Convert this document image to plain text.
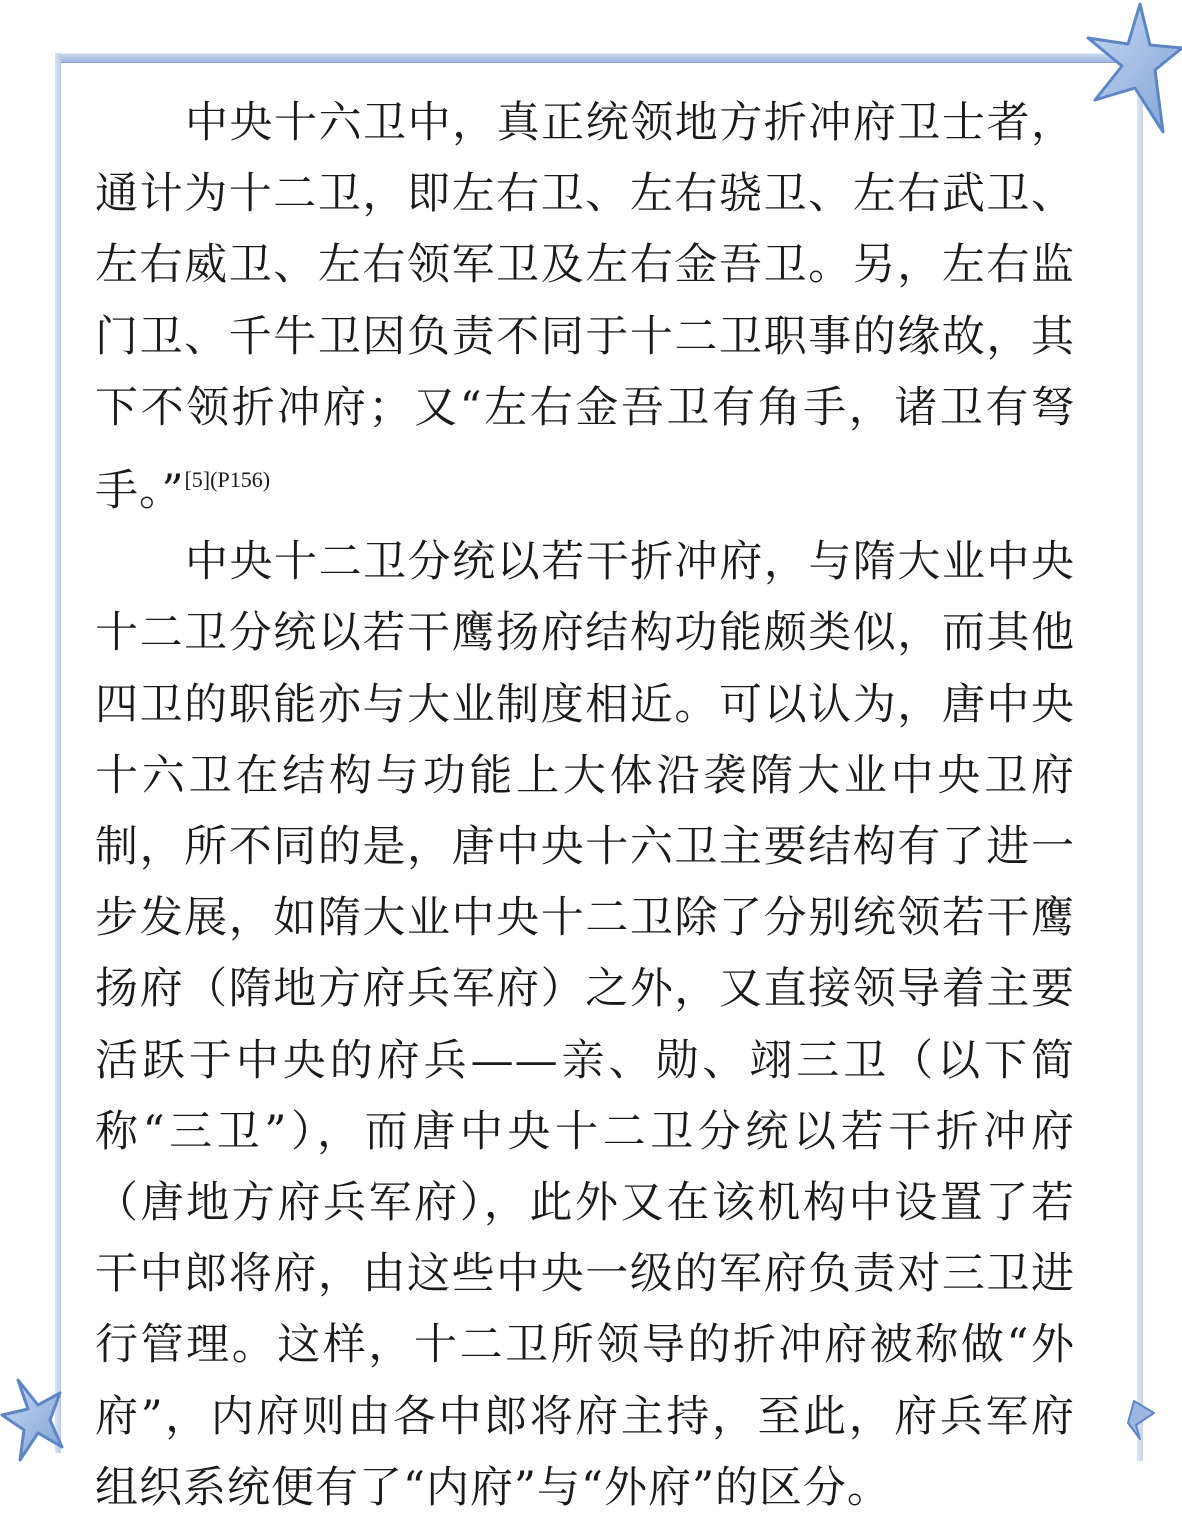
中央十六卫中，真正统领地方折冲府卫士者，通计为十二卫，即左右卫、左右骁卫、左右武卫、左右威卫、左右领军卫及左右金吾卫。另，左右监门卫、千牛卫因负责不同于十二卫职事的缘故，其下不领折冲府；又“左右金吾卫有角手，诸卫有弩手。”$^{[5](P156)}$

中央十二卫分统以若干折冲府，与隋大业中央十二卫分统以若干鹰扬府结构功能颇类似，而其他四卫的职能亦与大业制度相近。可以认为，唐中央十六卫在结构与功能上大体沿袭隋大业中央卫府制，所不同的是，唐中央十六卫主要结构有了进一步发展，如隋大业中央十二卫除了分别统领若干鹰扬府（隋地方府兵军府）之外，又直接领导着主要活跃于中央的府兵——亲、勋、翊三卫（以下简称“三卫”），而唐中央十二卫分统以若干折冲府（唐地方府兵军府），此外又在该机构中设置了若干中郎将府，由这些中央一级的军府负责对三卫进行管理。这样，十二卫所领导的折冲府被称做“外府”，内府则由各中郎将府主持，至此，府兵军府组织系统便有了“内府”与“外府”的区分。
